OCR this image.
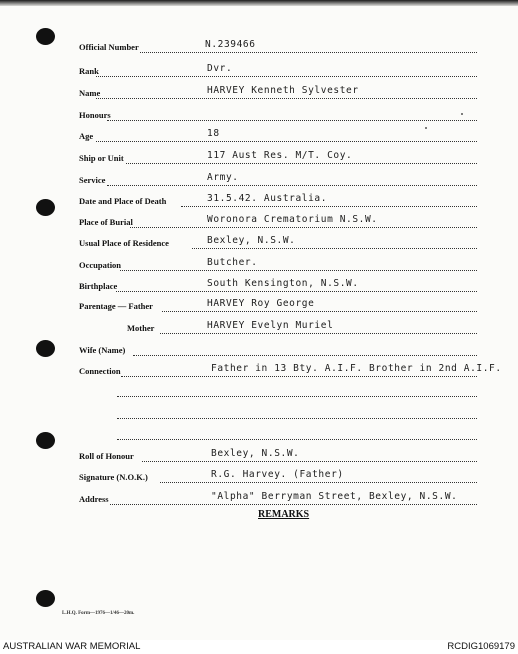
Official Number	N.239466
Rank	Dvr.
Name	HARVEY Kenneth Sylvester
Honours
Age	18
Ship or Unit	117 Aust Res. M/T. Coy.
Service	Army.
Date and Place of Death	31.5.42. Australia.
Place of Burial	Woronora Crematorium N.S.W.
Usual Place of Residence	Bexley, N.S.W.
Occupation	Butcher.
Birthplace	South Kensington, N.S.W.
Parentage — Father	HARVEY Roy George
Mother	HARVEY Evelyn Muriel
Wife (Name)
Connection	Father in 13 Bty. A.I.F. Brother in 2nd A.I.F.
Roll of Honour	Bexley, N.S.W.
Signature (N.O.K.)	R.G. Harvey. (Father)
Address	"Alpha" Berryman Street, Bexley, N.S.W.
REMARKS
L.H.Q. Form—1976—1/46—20m.
AUSTRALIAN WAR MEMORIAL	RCDIG1069179
